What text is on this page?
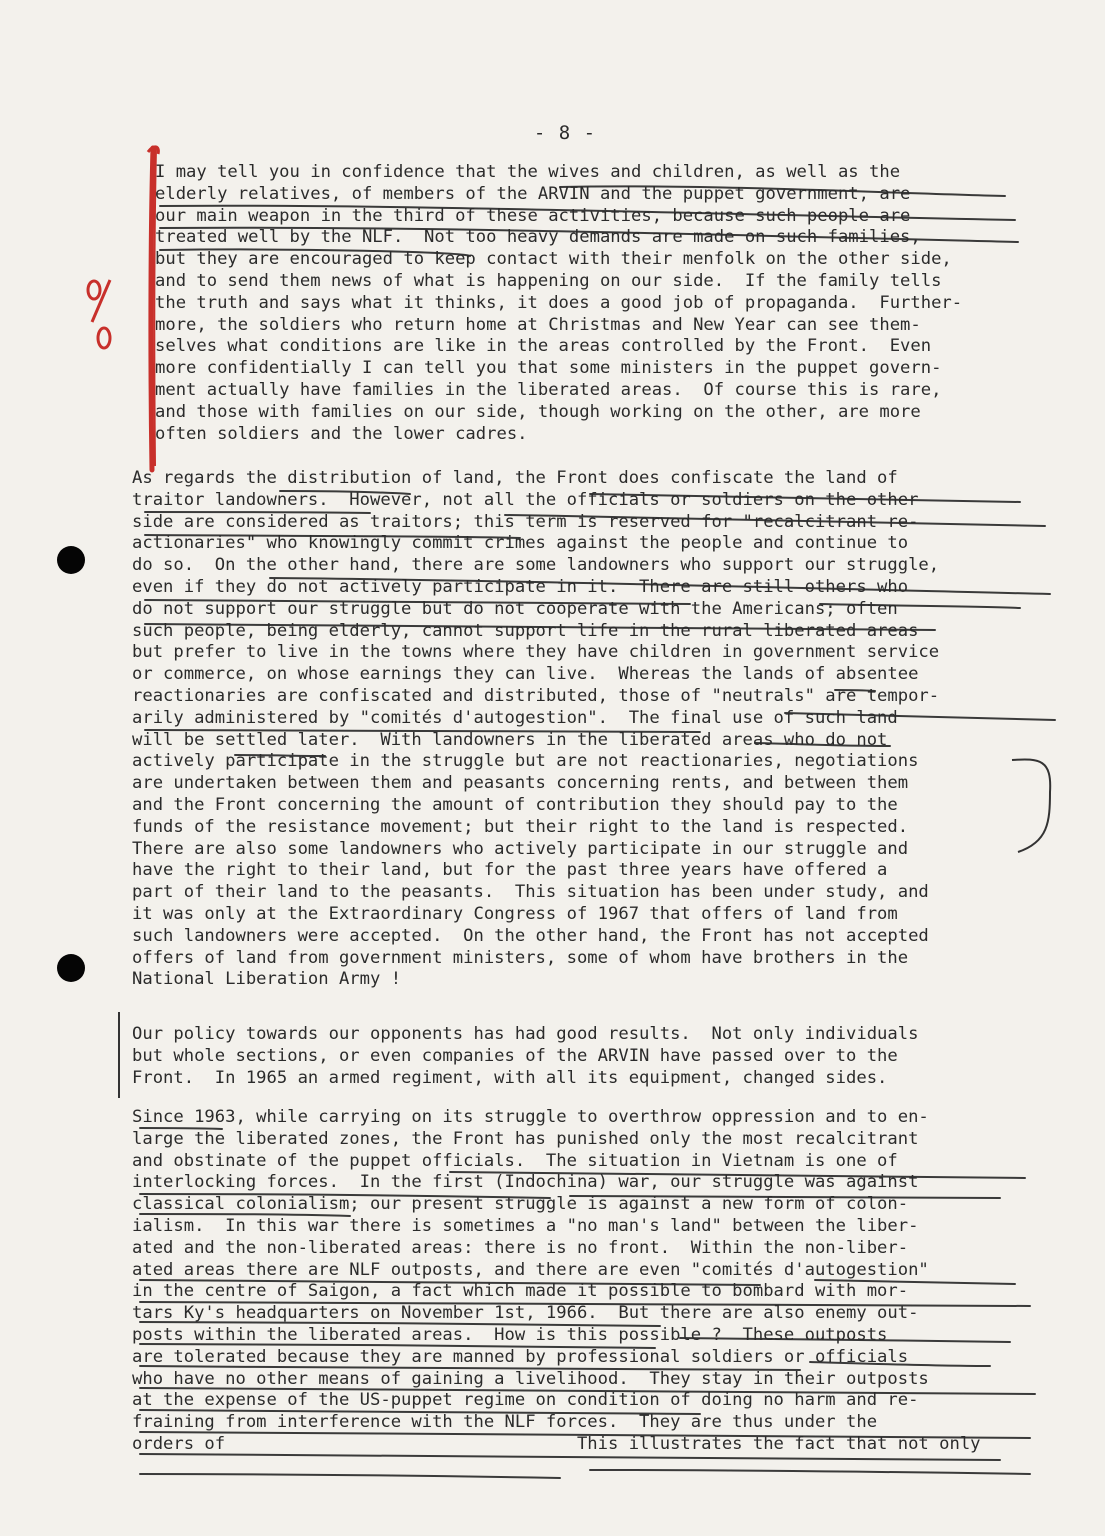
- 8 -
I may tell you in confidence that the wives and children, as well as the
elderly relatives, of members of the ARVIN and the puppet government, are
our main weapon in the third of these activities, because such people are
treated well by the NLF.  Not too heavy demands are made on such families,
but they are encouraged to keep contact with their menfolk on the other side,
and to send them news of what is happening on our side.  If the family tells
the truth and says what it thinks, it does a good job of propaganda.  Further-
more, the soldiers who return home at Christmas and New Year can see them-
selves what conditions are like in the areas controlled by the Front.  Even
more confidentially I can tell you that some ministers in the puppet govern-
ment actually have families in the liberated areas.  Of course this is rare,
and those with families on our side, though working on the other, are more
often soldiers and the lower cadres.
As regards the distribution of land, the Front does confiscate the land of
traitor landowners.  However, not all the officials or soldiers on the other
side are considered as traitors; this term is reserved for "recalcitrant re-
actionaries" who knowingly commit crimes against the people and continue to
do so.  On the other hand, there are some landowners who support our struggle,
even if they do not actively participate in it.  There are still others who
do not support our struggle but do not cooperate with the Americans; often
such people, being elderly, cannot support life in the rural liberated areas
but prefer to live in the towns where they have children in government service
or commerce, on whose earnings they can live.  Whereas the lands of absentee
reactionaries are confiscated and distributed, those of "neutrals" are tempor-
arily administered by "comités d'autogestion".  The final use of such land
will be settled later.  With landowners in the liberated areas who do not
actively participate in the struggle but are not reactionaries, negotiations
are undertaken between them and peasants concerning rents, and between them
and the Front concerning the amount of contribution they should pay to the
funds of the resistance movement; but their right to the land is respected.
There are also some landowners who actively participate in our struggle and
have the right to their land, but for the past three years have offered a
part of their land to the peasants.  This situation has been under study, and
it was only at the Extraordinary Congress of 1967 that offers of land from
such landowners were accepted.  On the other hand, the Front has not accepted
offers of land from government ministers, some of whom have brothers in the
National Liberation Army !
Our policy towards our opponents has had good results.  Not only individuals
but whole sections, or even companies of the ARVIN have passed over to the
Front.  In 1965 an armed regiment, with all its equipment, changed sides.
Since 1963, while carrying on its struggle to overthrow oppression and to en-
large the liberated zones, the Front has punished only the most recalcitrant
and obstinate of the puppet officials.  The situation in Vietnam is one of
interlocking forces.  In the first (Indochina) war, our struggle was against
classical colonialism; our present struggle is against a new form of colon-
ialism.  In this war there is sometimes a "no man's land" between the liber-
ated and the non-liberated areas: there is no front.  Within the non-liber-
ated areas there are NLF outposts, and there are even "comités d'autogestion"
in the centre of Saigon, a fact which made it possible to bombard with mor-
tars Ky's headquarters on November 1st, 1966.  But there are also enemy out-
posts within the liberated areas.  How is this possible ?  These outposts
are tolerated because they are manned by professional soldiers or officials
who have no other means of gaining a livelihood.  They stay in their outposts
at the expense of the US-puppet regime on condition of doing no harm and re-
fraining from interference with the NLF forces.  They are thus under the
orders of                                  This illustrates the fact that not only
